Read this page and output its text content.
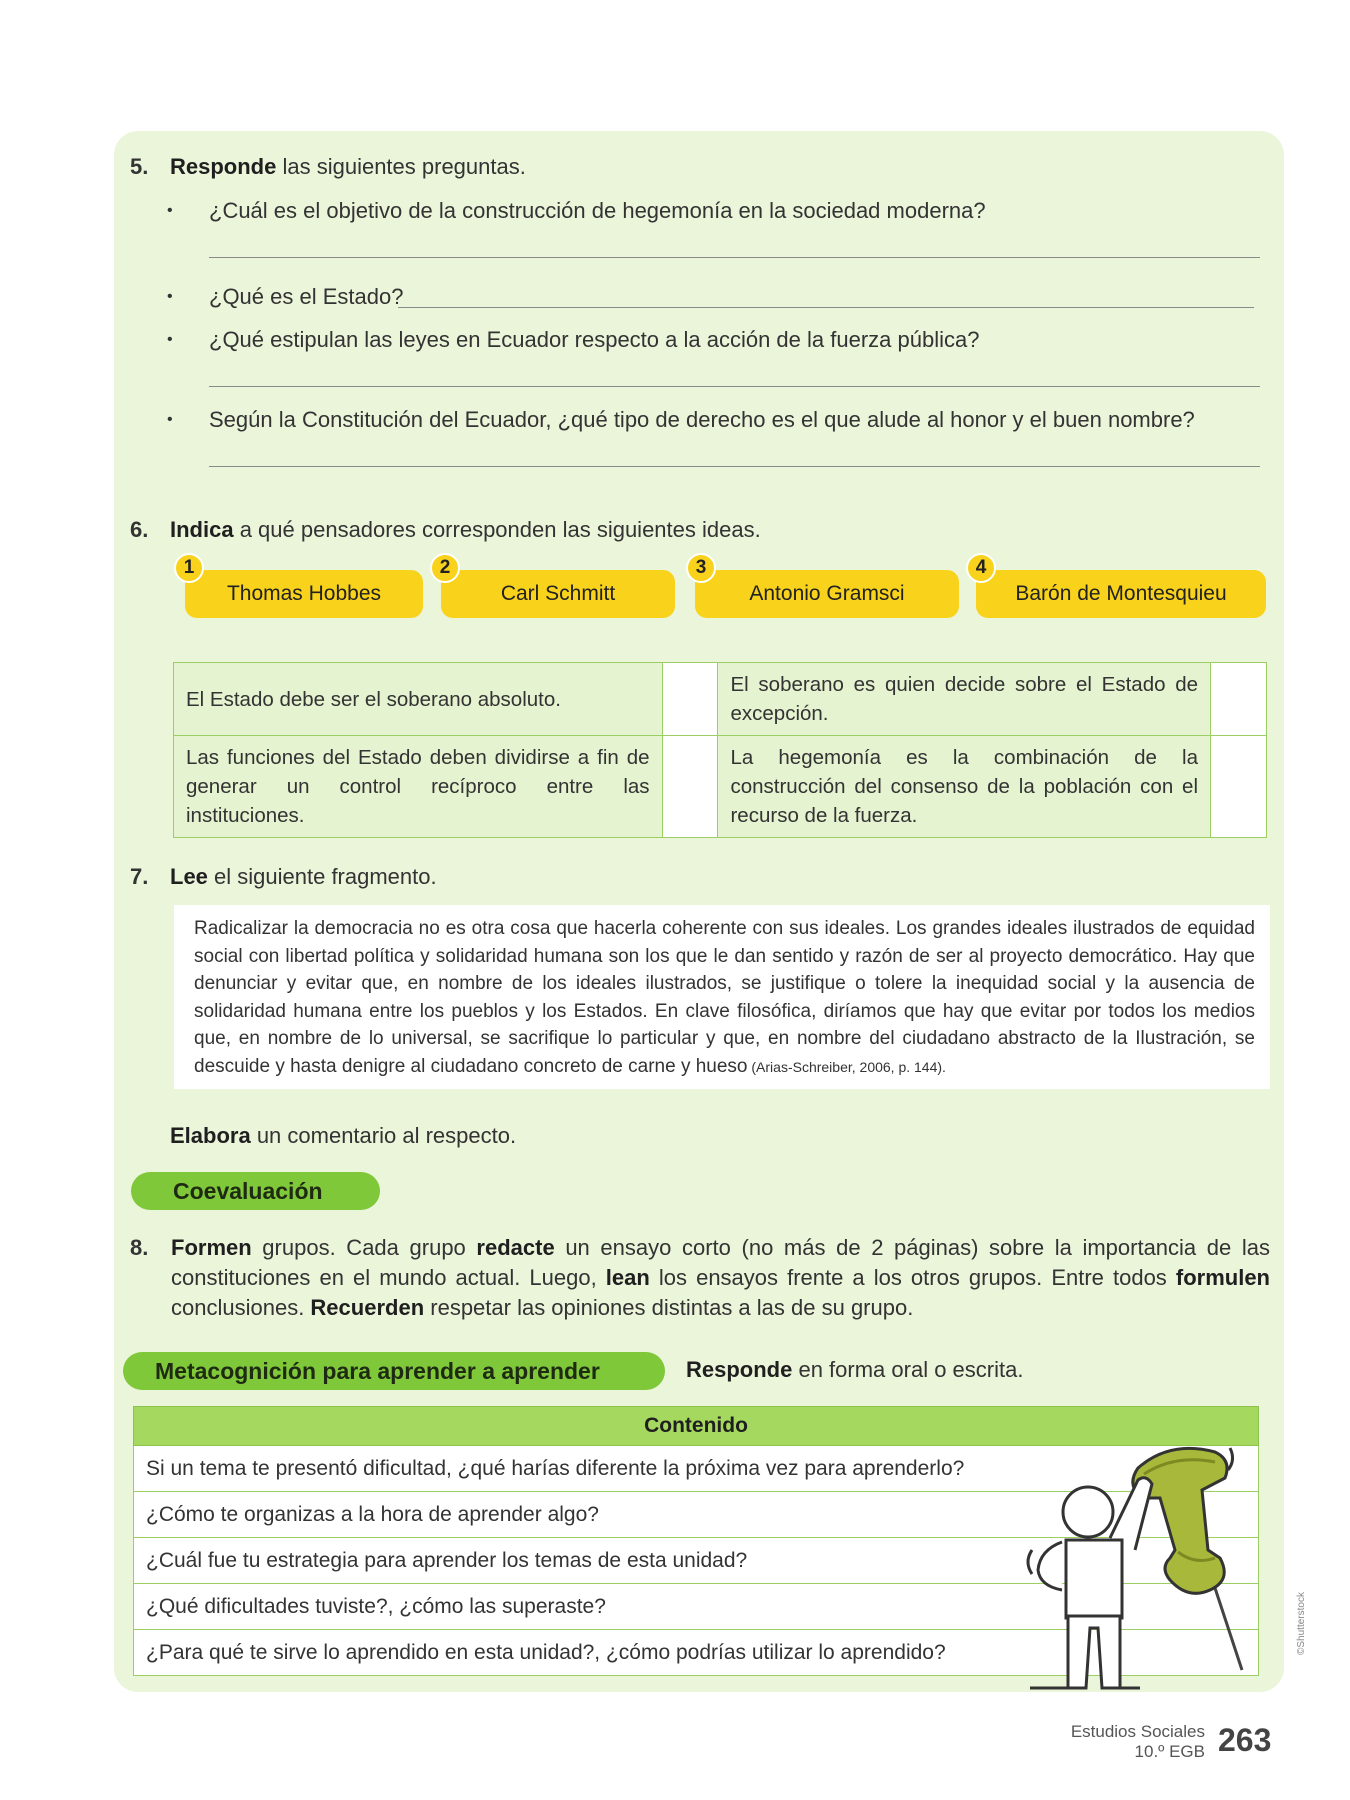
5. Responde las siguientes preguntas.
• ¿Cuál es el objetivo de la construcción de hegemonía en la sociedad moderna?
• ¿Qué es el Estado?
• ¿Qué estipulan las leyes en Ecuador respecto a la acción de la fuerza pública?
• Según la Constitución del Ecuador, ¿qué tipo de derecho es el que alude al honor y el buen nombre?
6. Indica a qué pensadores corresponden las siguientes ideas.
Thomas Hobbes
1
Carl Schmitt
2
Antonio Gramsci
3
Barón de Montesquieu
4
El Estado debe ser el soberano absoluto.		El soberano es quien decide sobre el Estado de excepción.	
Las funciones del Estado deben dividirse a fin de generar un control recíproco entre las instituciones.		La hegemonía es la combinación de la construcción del consenso de la población con el recurso de la fuerza.	
7. Lee el siguiente fragmento.
Radicalizar la democracia no es otra cosa que hacerla coherente con sus ideales. Los grandes ideales ilustrados de equidad social con libertad política y solidaridad humana son los que le dan sentido y razón de ser al proyecto democrático. Hay que denunciar y evitar que, en nombre de los ideales ilustrados, se justifique o tolere la inequidad social y la ausencia de solidaridad humana entre los pueblos y los Estados. En clave filosófica, diríamos que hay que evitar por todos los medios que, en nombre de lo universal, se sacrifique lo particular y que, en nombre del ciudadano abstracto de la Ilustración, se descuide y hasta denigre al ciudadano concreto de carne y hueso (Arias-Schreiber, 2006, p. 144).
Elabora un comentario al respecto.
Coevaluación
8. Formen grupos. Cada grupo redacte un ensayo corto (no más de 2 páginas) sobre la importancia de las constituciones en el mundo actual. Luego, lean los ensayos frente a los otros grupos. Entre todos formulen conclusiones. Recuerden respetar las opiniones distintas a las de su grupo.
Metacognición para aprender a aprender	Responde en forma oral o escrita.
Contenido
Si un tema te presentó dificultad, ¿qué harías diferente la próxima vez para aprenderlo?
¿Cómo te organizas a la hora de aprender algo?
¿Cuál fue tu estrategia para aprender los temas de esta unidad?
¿Qué dificultades tuviste?, ¿cómo las superaste?
¿Para qué te sirve lo aprendido en esta unidad?, ¿cómo podrías utilizar lo aprendido?	©Shutterstock
Estudios Sociales
10.º EGB 263
